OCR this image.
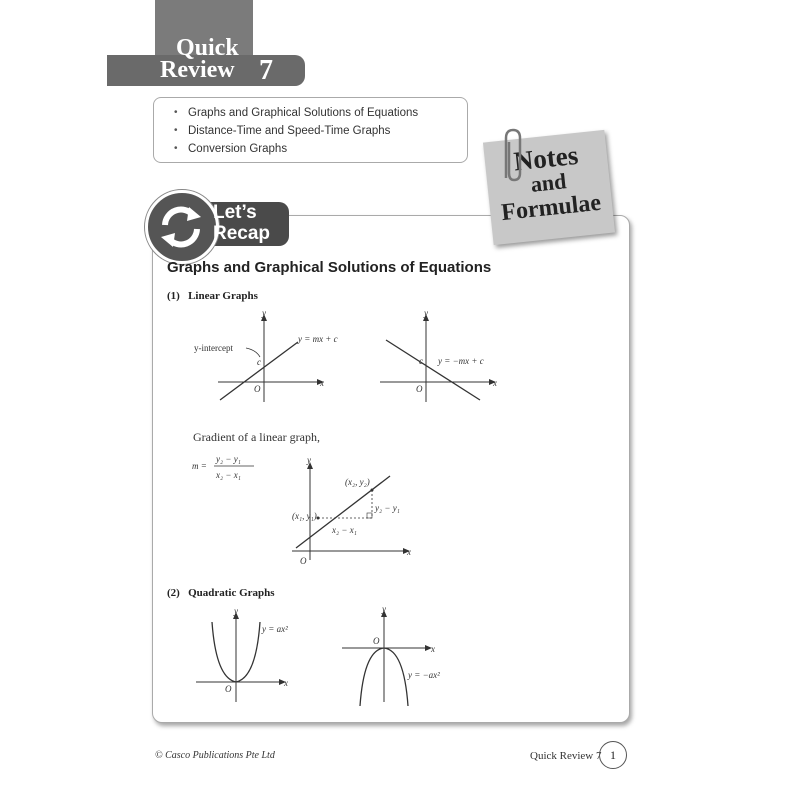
Quick
Review 7
• Graphs and Graphical Solutions of Equations
• Distance-Time and Speed-Time Graphs
• Conversion Graphs	Notes
and
Formulae
Let’s
Recap
Graphs and Graphical Solutions of Equations
(1) Linear Graphs
y
x
O
y-intercept
c
y = mx + c
y
x
O
c y = −mx + c
Gradient of a linear graph,
m =
y₂ − y₁
x₂ − x₁
y
x
O
(x₁, y₁)
(x₂, y₂)
y₂ − y₁
x₂ − x₁
(2) Quadratic Graphs
y
x
O
y = ax²
y
x
O
y = −ax²
© Casco Publications Pte Ltd	Quick Review 7 1
